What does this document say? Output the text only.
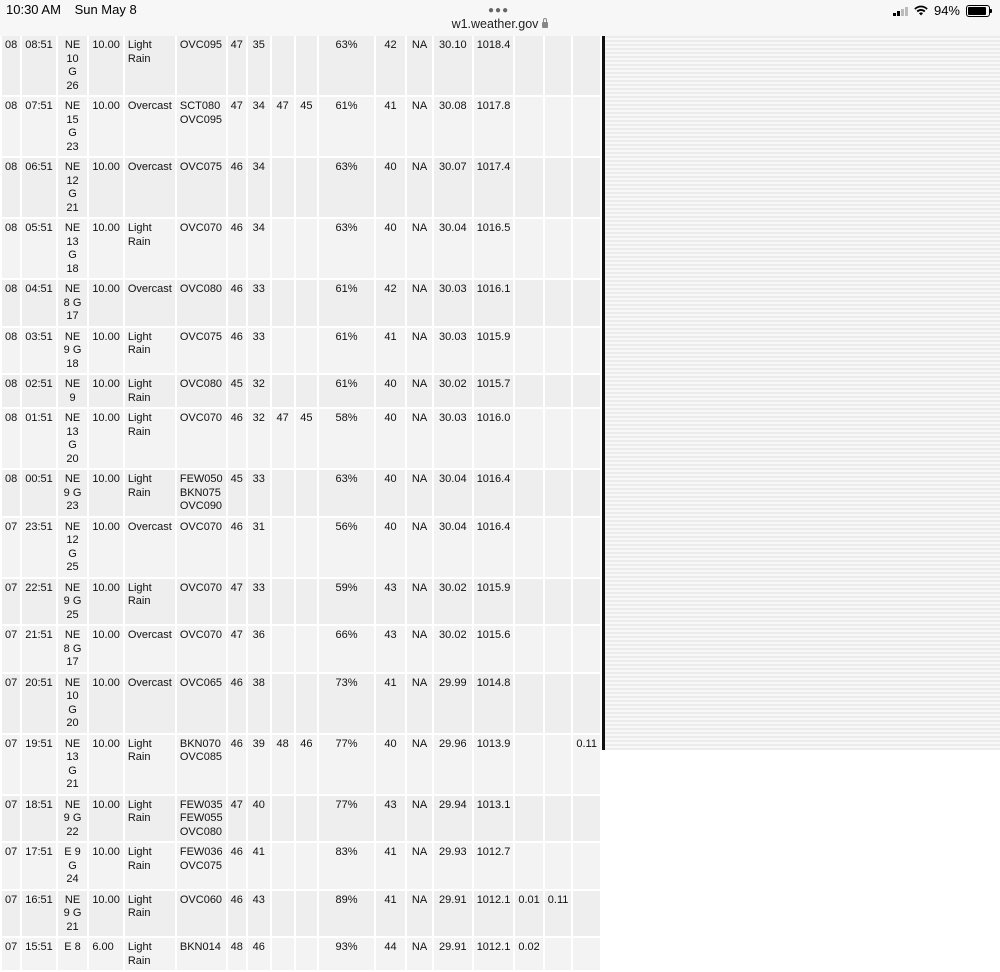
10:30 AM Sun May 8	●●●
w1.weather.gov
94%
08	08:51	NE 10 G 26	10.00	Light Rain	OVC095	47	35			63%	42	NA	30.10	1018.4			
08	07:51	NE 15 G 23	10.00	Overcast	SCT080 OVC095	47	34	47	45	61%	41	NA	30.08	1017.8			
08	06:51	NE 12 G 21	10.00	Overcast	OVC075	46	34			63%	40	NA	30.07	1017.4			
08	05:51	NE 13 G 18	10.00	Light Rain	OVC070	46	34			63%	40	NA	30.04	1016.5			
08	04:51	NE 8 G 17	10.00	Overcast	OVC080	46	33			61%	42	NA	30.03	1016.1			
08	03:51	NE 9 G 18	10.00	Light Rain	OVC075	46	33			61%	41	NA	30.03	1015.9			
08	02:51	NE 9	10.00	Light Rain	OVC080	45	32			61%	40	NA	30.02	1015.7			
08	01:51	NE 13 G 20	10.00	Light Rain	OVC070	46	32	47	45	58%	40	NA	30.03	1016.0			
08	00:51	NE 9 G 23	10.00	Light Rain	FEW050 BKN075 OVC090	45	33			63%	40	NA	30.04	1016.4			
07	23:51	NE 12 G 25	10.00	Overcast	OVC070	46	31			56%	40	NA	30.04	1016.4			
07	22:51	NE 9 G 25	10.00	Light Rain	OVC070	47	33			59%	43	NA	30.02	1015.9			
07	21:51	NE 8 G 17	10.00	Overcast	OVC070	47	36			66%	43	NA	30.02	1015.6			
07	20:51	NE 10 G 20	10.00	Overcast	OVC065	46	38			73%	41	NA	29.99	1014.8			
07	19:51	NE 13 G 21	10.00	Light Rain	BKN070 OVC085	46	39	48	46	77%	40	NA	29.96	1013.9			0.11
07	18:51	NE 9 G 22	10.00	Light Rain	FEW035 FEW055 OVC080	47	40			77%	43	NA	29.94	1013.1			
07	17:51	E 9 G 24	10.00	Light Rain	FEW036 OVC075	46	41			83%	41	NA	29.93	1012.7			
07	16:51	NE 9 G 21	10.00	Light Rain	OVC060	46	43			89%	41	NA	29.91	1012.1	0.01	0.11	
07	15:51	E 8	6.00	Light Rain	BKN014	48	46			93%	44	NA	29.91	1012.1	0.02		
